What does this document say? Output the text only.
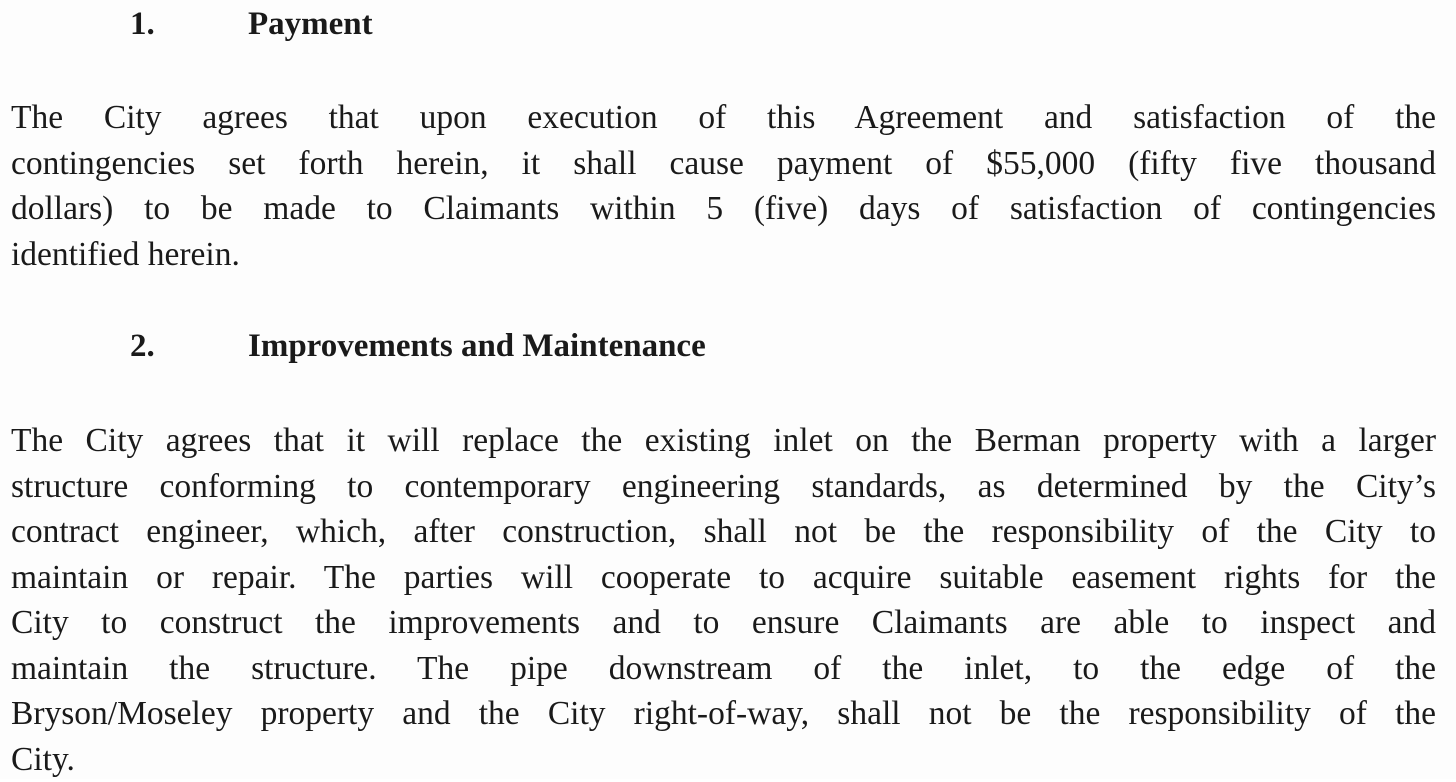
1.	Payment
The City agrees that upon execution of this Agreement and satisfaction of the
contingencies set forth herein, it shall cause payment of $55,000 (fifty five thousand
dollars) to be made to Claimants within 5 (five) days of satisfaction of contingencies
identified herein.
2.	Improvements and Maintenance
The City agrees that it will replace the existing inlet on the Berman property with a larger
structure conforming to contemporary engineering standards, as determined by the City’s
contract engineer, which, after construction, shall not be the responsibility of the City to
maintain or repair. The parties will cooperate to acquire suitable easement rights for the
City to construct the improvements and to ensure Claimants are able to inspect and
maintain the structure. The pipe downstream of the inlet, to the edge of the
Bryson/Moseley property and the City right-of-way, shall not be the responsibility of the
City.
